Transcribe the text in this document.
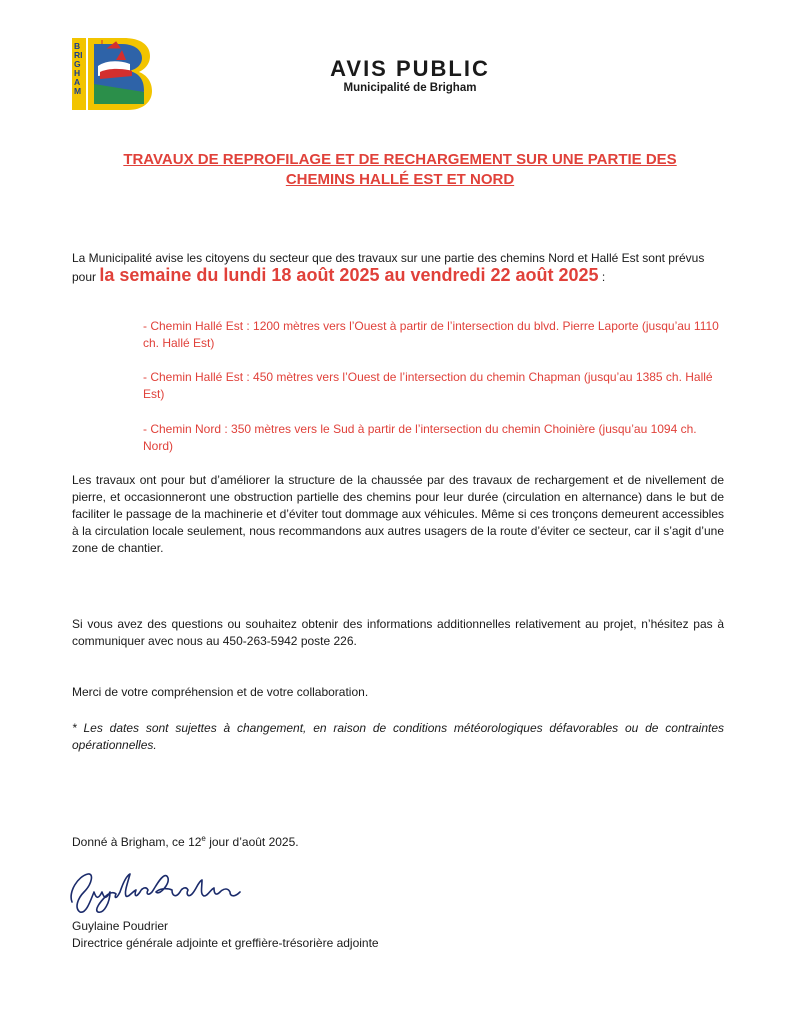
BRIGHAM
AVIS PUBLIC
Municipalité de Brigham
TRAVAUX DE REPROFILAGE ET DE RECHARGEMENT SUR UNE PARTIE DES
CHEMINS HALLÉ EST ET NORD
La Municipalité avise les citoyens du secteur que des travaux sur une partie des chemins Nord et Hallé Est sont prévus pour la semaine du lundi 18 août 2025 au vendredi 22 août 2025 :
- Chemin Hallé Est : 1200 mètres vers l’Ouest à partir de l’intersection du blvd. Pierre Laporte (jusqu’au 1110 ch. Hallé Est)
- Chemin Hallé Est : 450 mètres vers l’Ouest de l’intersection du chemin Chapman (jusqu’au 1385 ch. Hallé Est)
- Chemin Nord : 350 mètres vers le Sud à partir de l’intersection du chemin Choinière (jusqu’au 1094 ch. Nord)
Les travaux ont pour but d’améliorer la structure de la chaussée par des travaux de rechargement et de nivellement de pierre, et occasionneront une obstruction partielle des chemins pour leur durée (circulation en alternance) dans le but de faciliter le passage de la machinerie et d’éviter tout dommage aux véhicules. Même si ces tronçons demeurent accessibles à la circulation locale seulement, nous recommandons aux autres usagers de la route d’éviter ce secteur, car il s’agit d’une zone de chantier.
Si vous avez des questions ou souhaitez obtenir des informations additionnelles relativement au projet, n’hésitez pas à communiquer avec nous au 450-263-5942 poste 226.
Merci de votre compréhension et de votre collaboration.
* Les dates sont sujettes à changement, en raison de conditions météorologiques défavorables ou de contraintes opérationnelles.
Donné à Brigham, ce 12e jour d’août 2025.
Guylaine Poudrier
Directrice générale adjointe et greffière-trésorière adjointe
